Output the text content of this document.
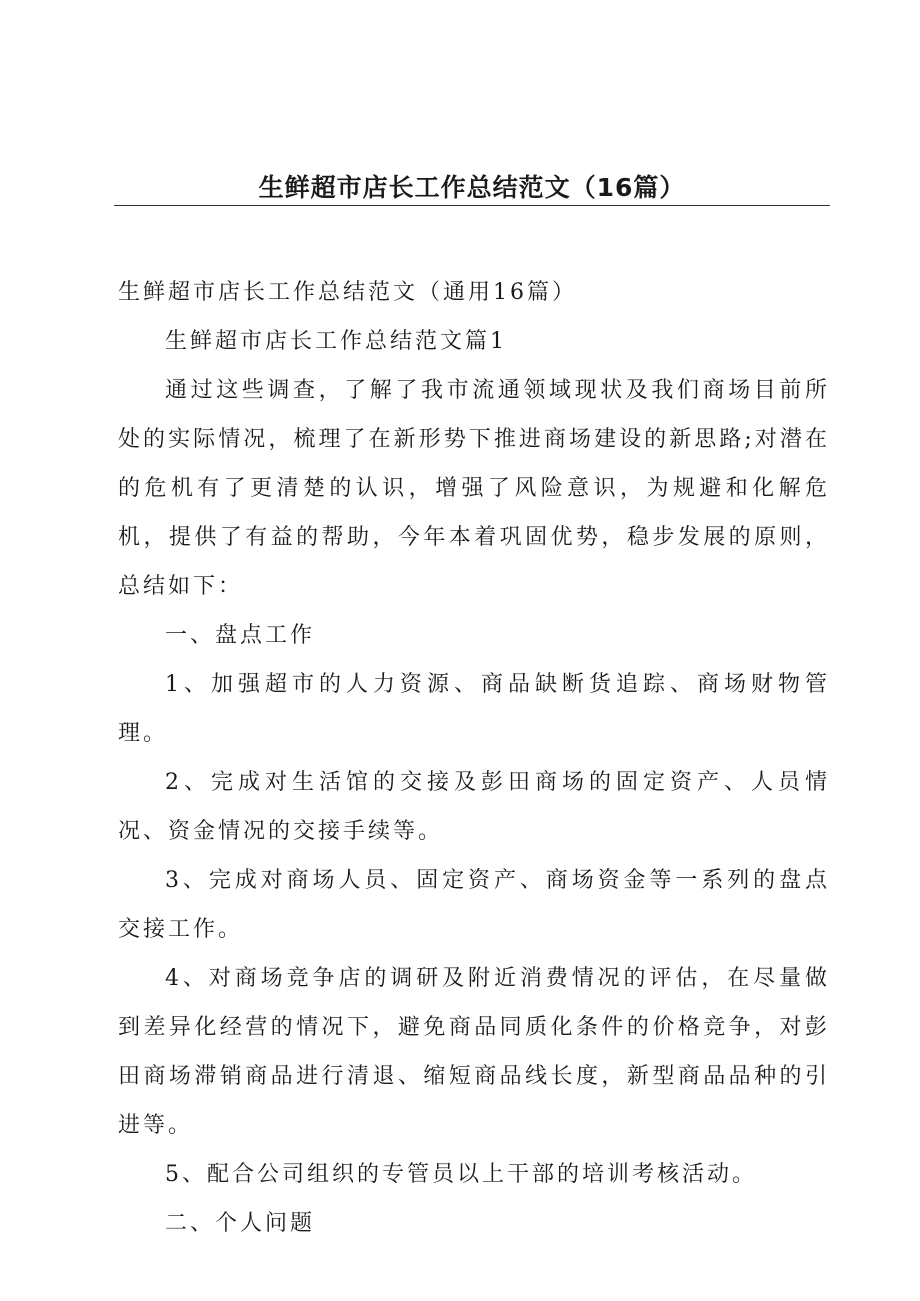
生鲜超市店长工作总结范文（16篇）

生鲜超市店长工作总结范文（通用16篇）

生鲜超市店长工作总结范文篇1

通过这些调查，了解了我市流通领域现状及我们商场目前所处的实际情况，梳理了在新形势下推进商场建设的新思路;对潜在的危机有了更清楚的认识，增强了风险意识，为规避和化解危机，提供了有益的帮助，今年本着巩固优势，稳步发展的原则，总结如下：

一、盘点工作

1、加强超市的人力资源、商品缺断货追踪、商场财物管理。

2、完成对生活馆的交接及彭田商场的固定资产、人员情况、资金情况的交接手续等。

3、完成对商场人员、固定资产、商场资金等一系列的盘点交接工作。

4、对商场竞争店的调研及附近消费情况的评估，在尽量做到差异化经营的情况下，避免商品同质化条件的价格竞争，对彭田商场滞销商品进行清退、缩短商品线长度，新型商品品种的引进等。

5、配合公司组织的专管员以上干部的培训考核活动。

二、个人问题
